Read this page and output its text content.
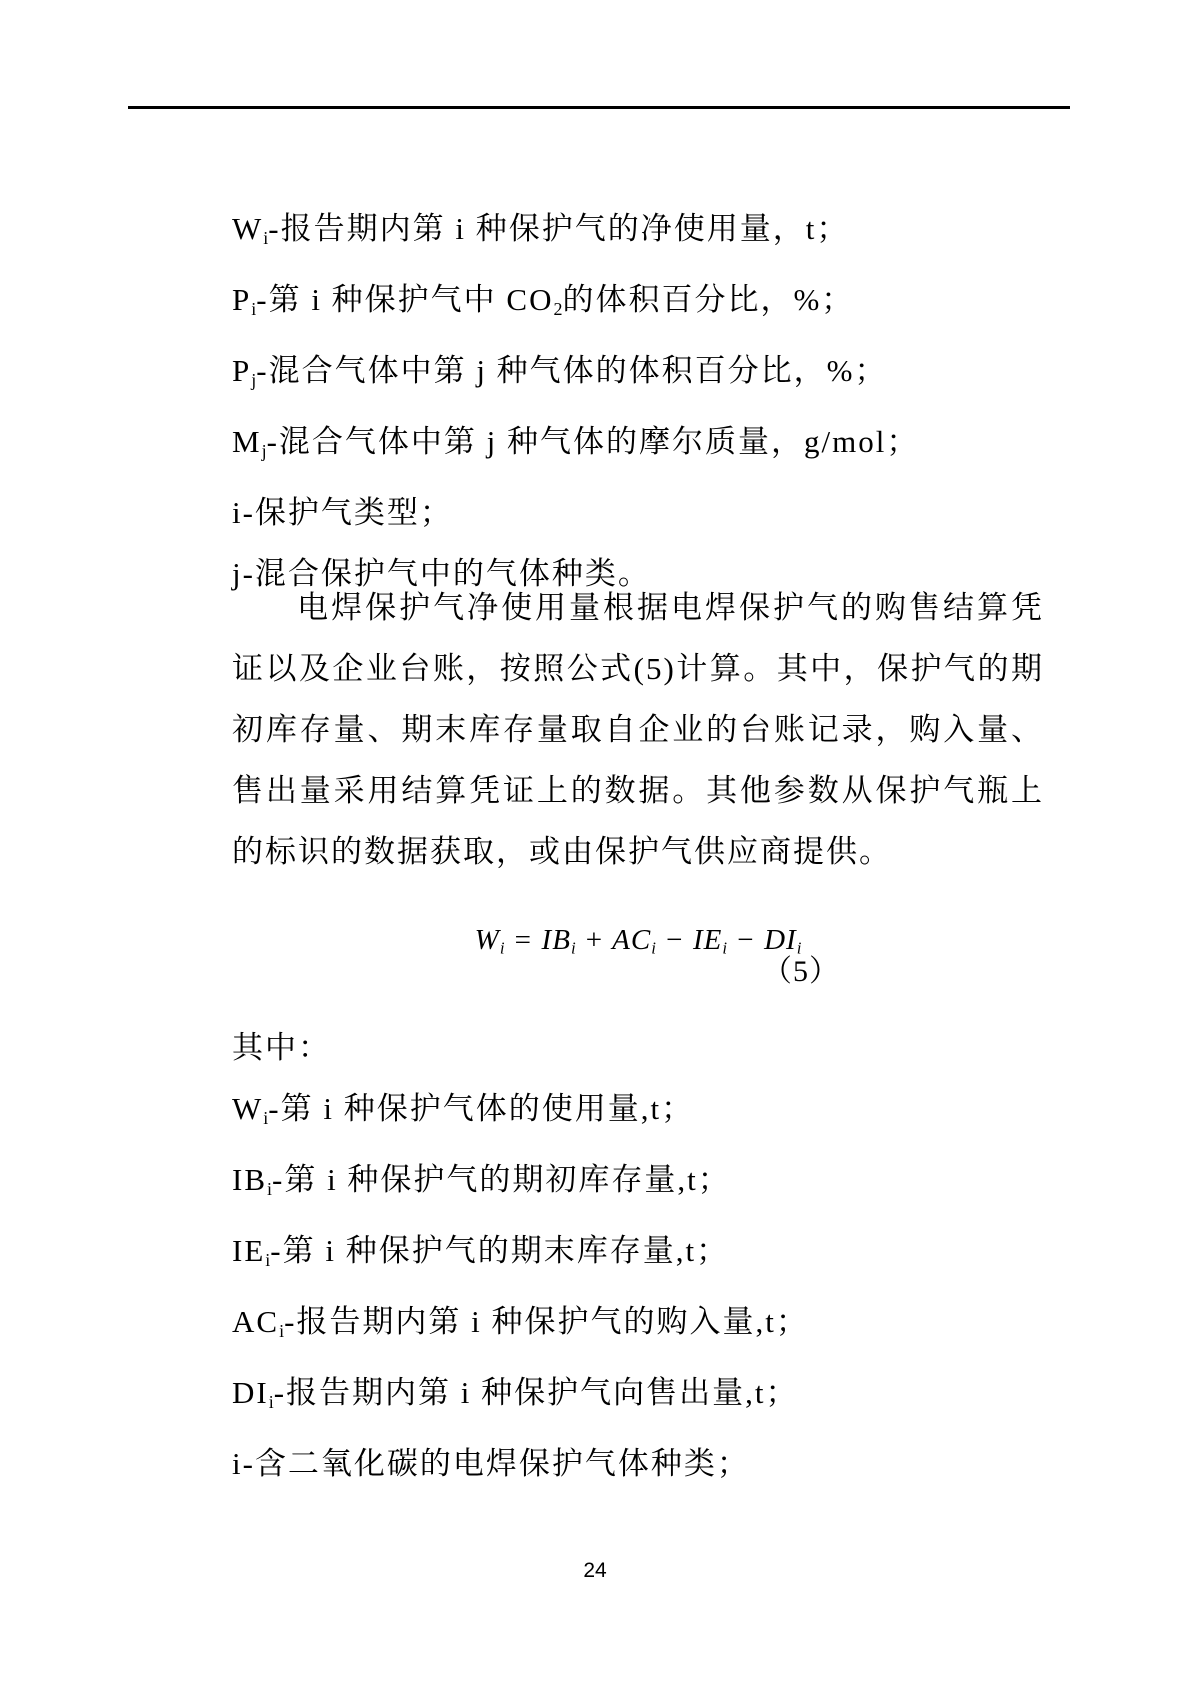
$W_i-$报告期内第 i 种保护气的净使用量，t；
$P_i-$第 i 种保护气中 $CO_2$的体积百分比，%；
$P_j-$混合气体中第 j 种气体的体积百分比，%；
$M_j-$混合气体中第 j 种气体的摩尔质量，g/mol；
i-保护气类型；
j-混合保护气中的气体种类。
电焊保护气净使用量根据电焊保护气的购售结算凭证以及企业台账，按照公式(5)计算。其中，保护气的期初库存量、期末库存量取自企业的台账记录，购入量、售出量采用结算凭证上的数据。其他参数从保护气瓶上的标识的数据获取，或由保护气供应商提供。
$W_i = IB_i + AC_i - IE_i - DI_i$
（5）
其中：
$W_i-$第 i 种保护气体的使用量,t；
$IB_i-$第 i 种保护气的期初库存量,t；
$IE_i-$第 i 种保护气的期末库存量,t；
$AC_i-$报告期内第 i 种保护气的购入量,t；
$DI_i-$报告期内第 i 种保护气向售出量,t；
i-含二氧化碳的电焊保护气体种类；
24
